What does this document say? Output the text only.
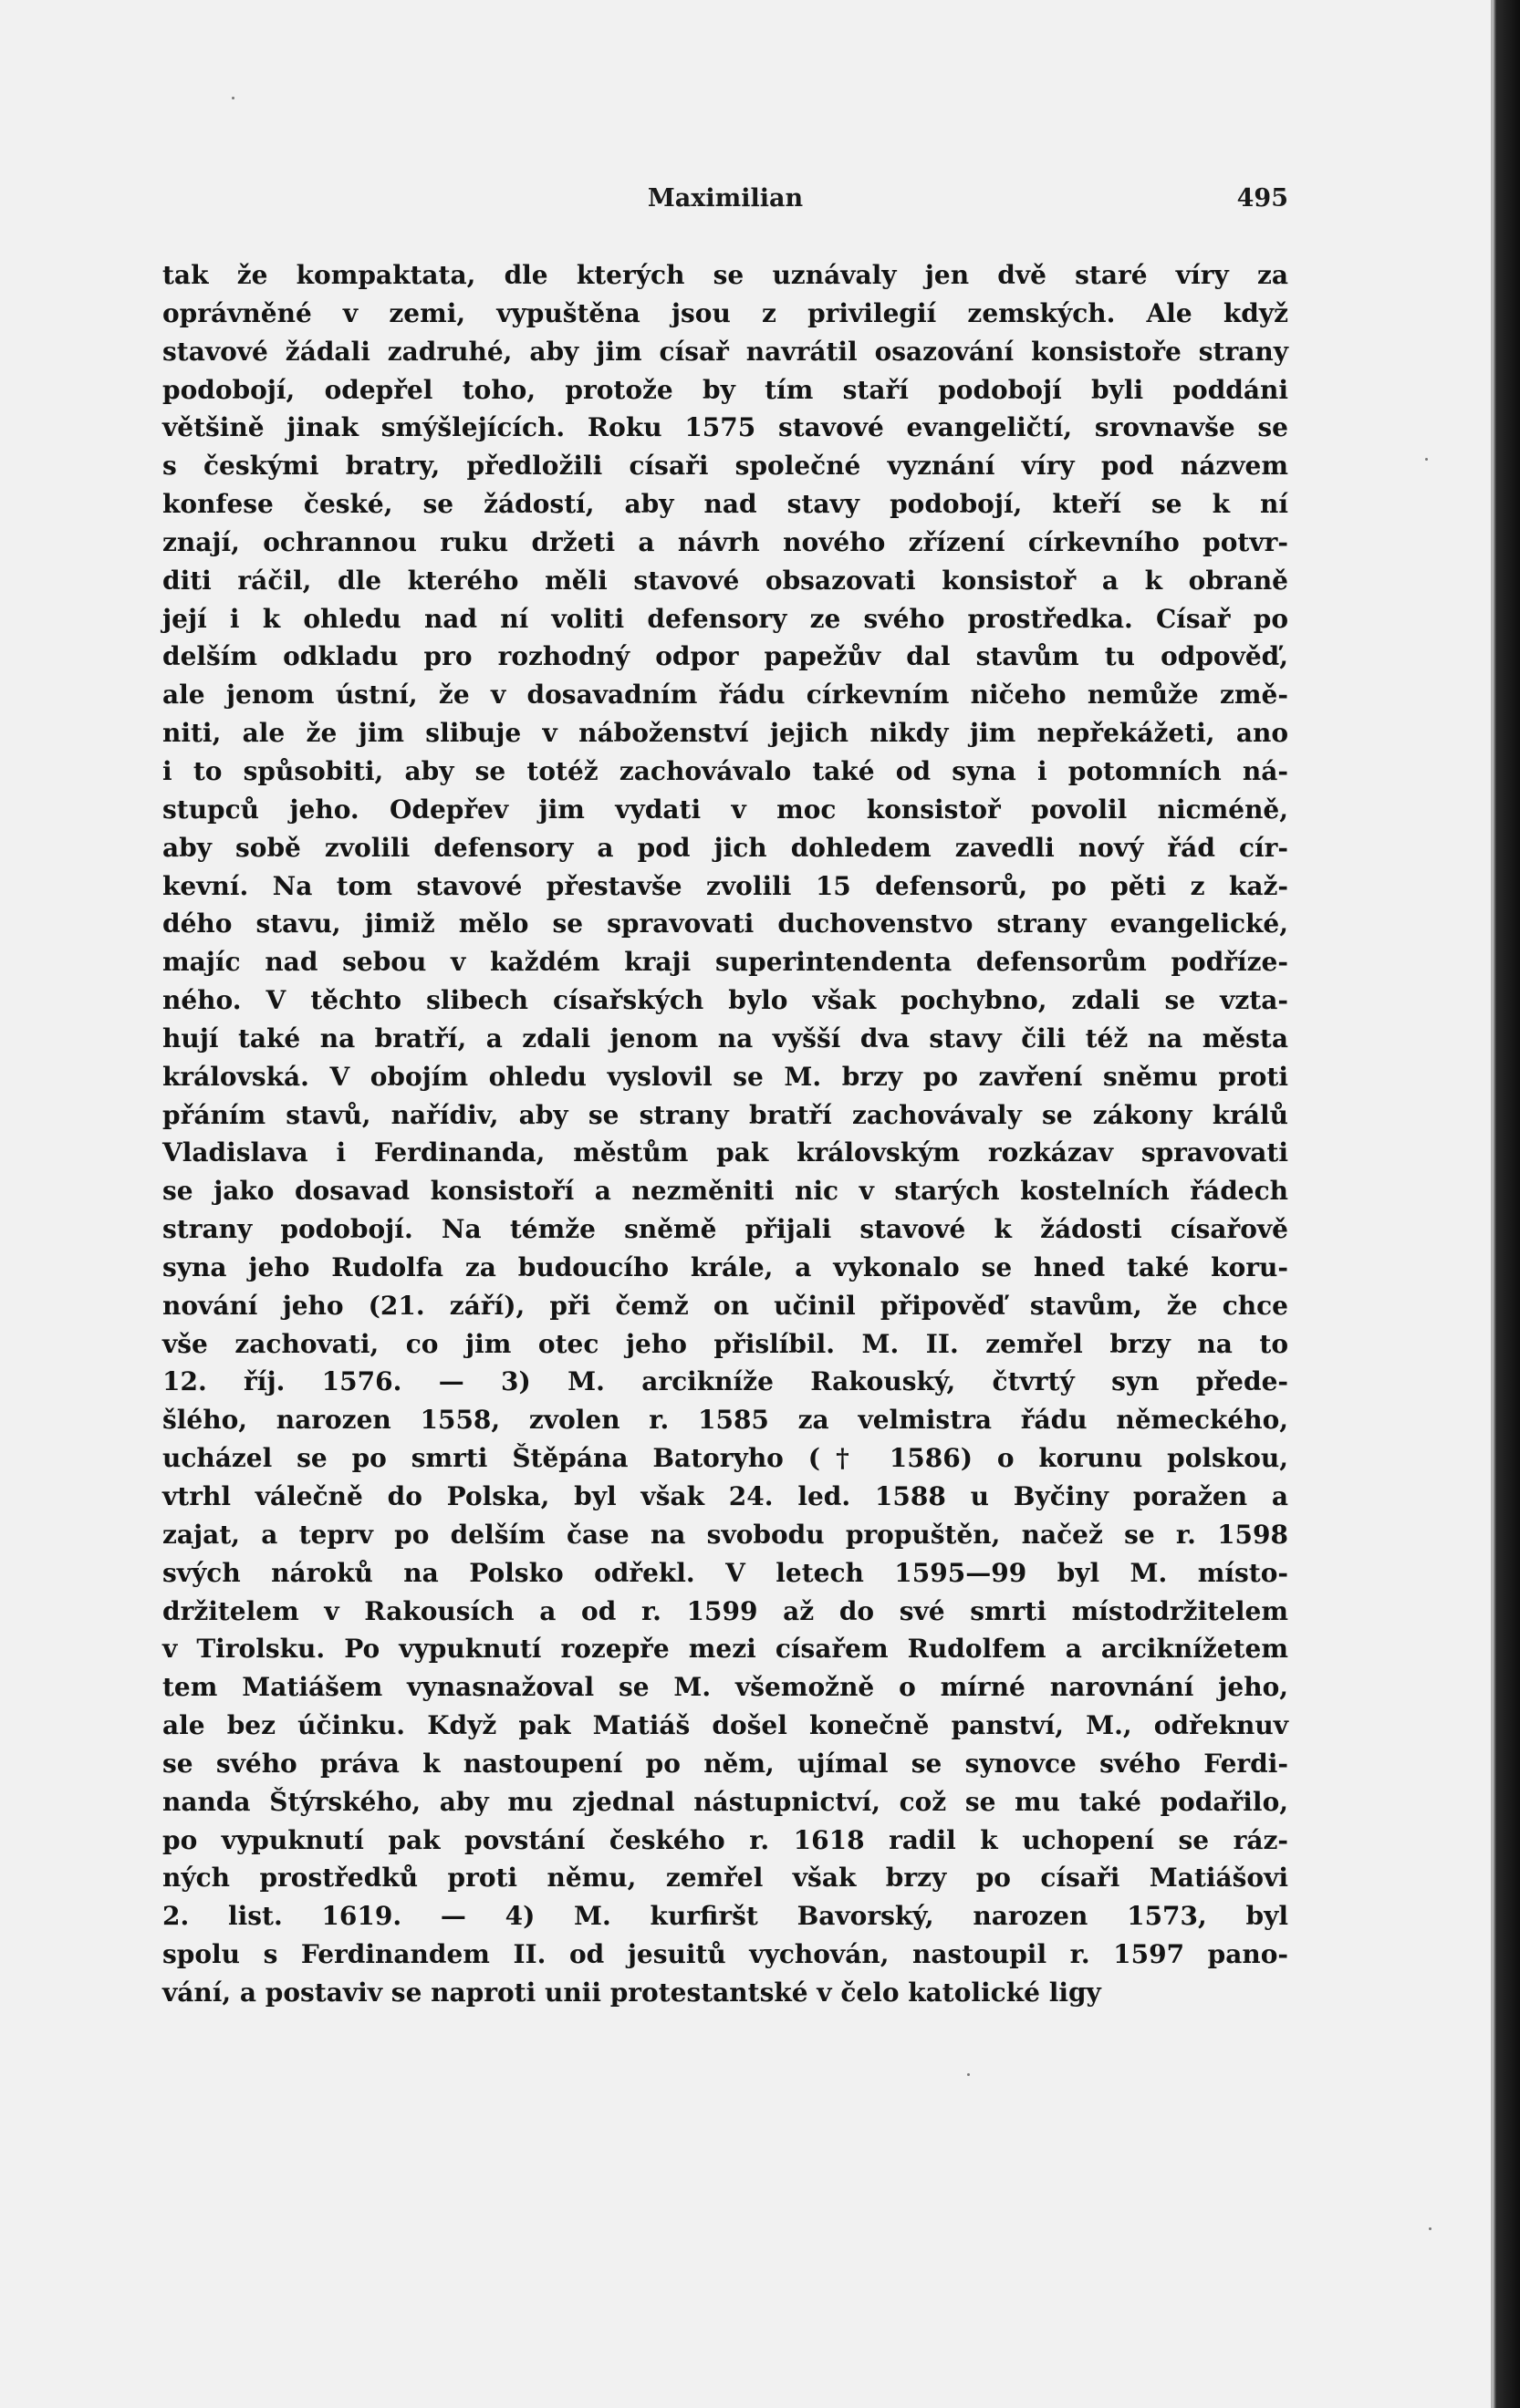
Maximilian	495
tak že kompaktata, dle kterých se uznávaly jen dvě staré víry za
oprávněné v zemi, vypuštěna jsou z privilegií zemských. Ale když
stavové žádali zadruhé, aby jim císař navrátil osazování konsistoře strany
podobojí, odepřel toho, protože by tím staří podobojí byli poddáni
většině jinak smýšlejících. Roku 1575 stavové evangeličtí, srovnavše se
s českými bratry, předložili císaři společné vyznání víry pod názvem
konfese české, se žádostí, aby nad stavy podobojí, kteří se k ní
znají, ochrannou ruku držeti a návrh nového zřízení církevního potvr-
diti ráčil, dle kterého měli stavové obsazovati konsistoř a k obraně
její i k ohledu nad ní voliti defensory ze svého prostředka. Císař po
delším odkladu pro rozhodný odpor papežův dal stavům tu odpověď,
ale jenom ústní, že v dosavadním řádu církevním ničeho nemůže změ-
niti, ale že jim slibuje v náboženství jejich nikdy jim nepřekážeti, ano
i to spůsobiti, aby se totéž zachovávalo také od syna i potomních ná-
stupců jeho. Odepřev jim vydati v moc konsistoř povolil nicméně,
aby sobě zvolili defensory a pod jich dohledem zavedli nový řád cír-
kevní. Na tom stavové přestavše zvolili 15 defensorů, po pěti z kaž-
dého stavu, jimiž mělo se spravovati duchovenstvo strany evangelické,
majíc nad sebou v každém kraji superintendenta defensorům podříze-
ného. V těchto slibech císařských bylo však pochybno, zdali se vzta-
hují také na bratří, a zdali jenom na vyšší dva stavy čili též na města
královská. V obojím ohledu vyslovil se M. brzy po zavření sněmu proti
přáním stavů, nařídiv, aby se strany bratří zachovávaly se zákony králů
Vladislava i Ferdinanda, městům pak královským rozkázav spravovati
se jako dosavad konsistoří a nezměniti nic v starých kostelních řádech
strany podobojí. Na témže sněmě přijali stavové k žádosti císařově
syna jeho Rudolfa za budoucího krále, a vykonalo se hned také koru-
nování jeho (21. září), při čemž on učinil připověď stavům, že chce
vše zachovati, co jim otec jeho přislíbil. M. II. zemřel brzy na to
12. říj. 1576. — 3) M. arcikníže Rakouský, čtvrtý syn přede-
šlého, narozen 1558, zvolen r. 1585 za velmistra řádu německého,
ucházel se po smrti Štěpána Batoryho († 1586) o korunu polskou,
vtrhl válečně do Polska, byl však 24. led. 1588 u Byčiny poražen a
zajat, a teprv po delším čase na svobodu propuštěn, načež se r. 1598
svých nároků na Polsko odřekl. V letech 1595—99 byl M. místo-
držitelem v Rakousích a od r. 1599 až do své smrti místodržitelem
v Tirolsku. Po vypuknutí rozepře mezi císařem Rudolfem a arciknížetem
tem Matiášem vynasnažoval se M. všemožně o mírné narovnání jeho,
ale bez účinku. Když pak Matiáš došel konečně panství, M., odřeknuv
se svého práva k nastoupení po něm, ujímal se synovce svého Ferdi-
nanda Štýrského, aby mu zjednal nástupnictví, což se mu také podařilo,
po vypuknutí pak povstání českého r. 1618 radil k uchopení se ráz-
ných prostředků proti němu, zemřel však brzy po císaři Matiášovi
2. list. 1619. — 4) M. kurfiršt Bavorský, narozen 1573, byl
spolu s Ferdinandem II. od jesuitů vychován, nastoupil r. 1597 pano-
vání, a postaviv se naproti unii protestantské v čelo katolické ligy
